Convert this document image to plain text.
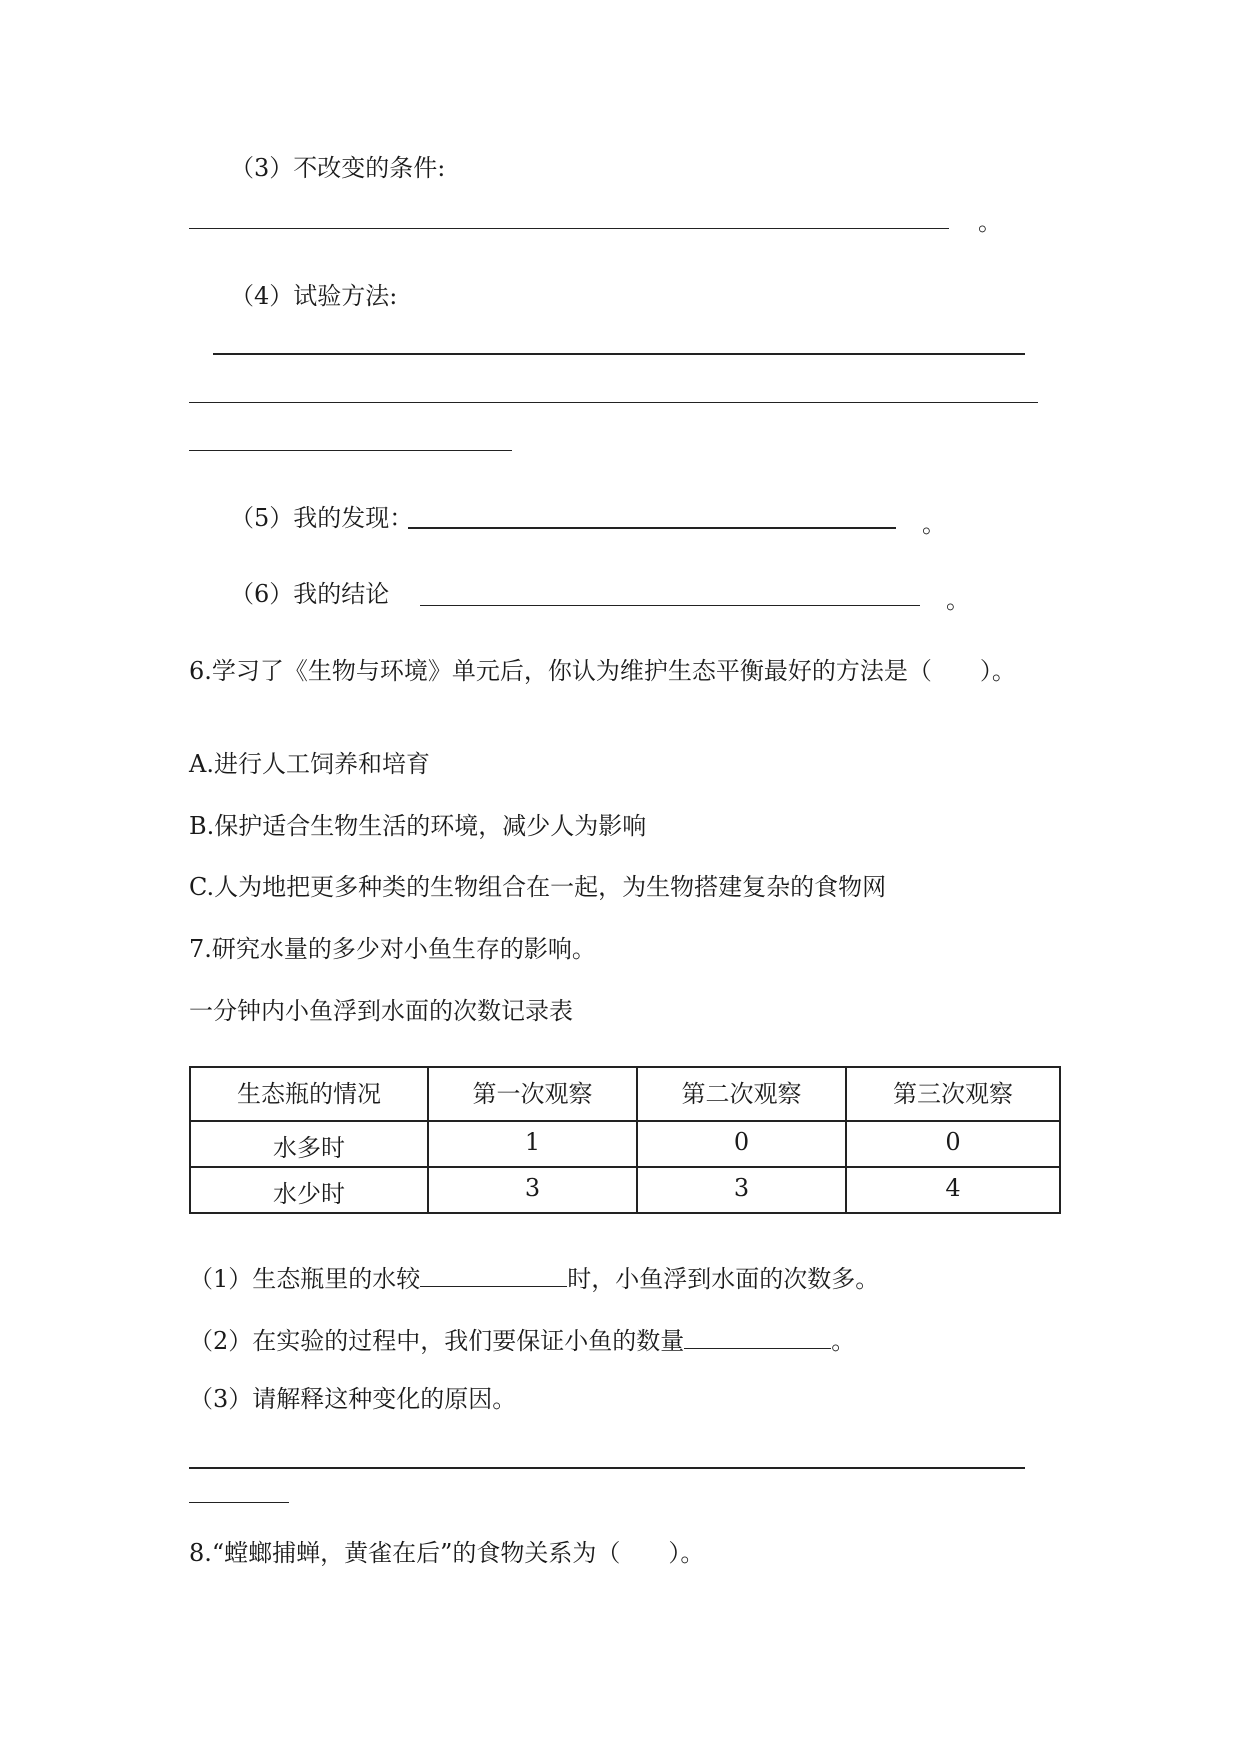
（3）不改变的条件:
。
（4）试验方法:
（5）我的发现：	。
（6）我的结论	。
6.学习了《生物与环境》单元后，你认为维护生态平衡最好的方法是（　　）。
A.进行人工饲养和培育
B.保护适合生物生活的环境，减少人为影响
C.人为地把更多种类的生物组合在一起，为生物搭建复杂的食物网
7.研究水量的多少对小鱼生存的影响。
一分钟内小鱼浮到水面的次数记录表
生态瓶的情况	第一次观察	第二次观察	第三次观察
水多时	1	0	0
水少时	3	3	4
（1）生态瓶里的水较	时，小鱼浮到水面的次数多。
（2）在实验的过程中，我们要保证小鱼的数量	。
（3）请解释这种变化的原因。
8.“螳螂捕蝉，黄雀在后”的食物关系为（　　）。
